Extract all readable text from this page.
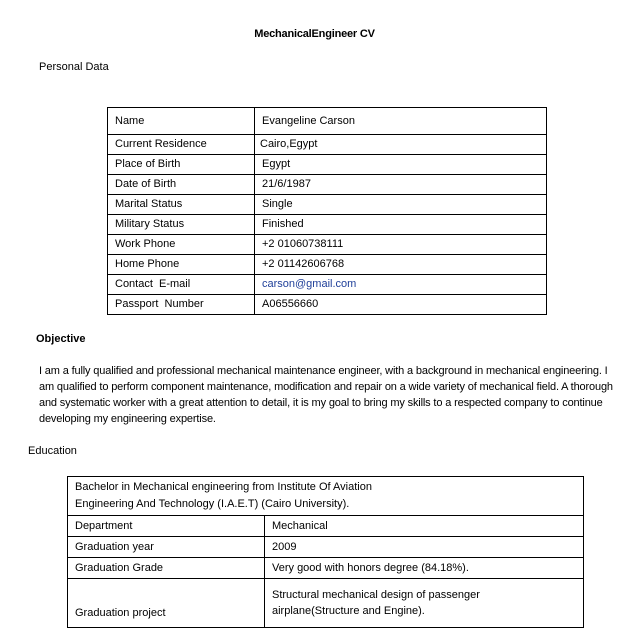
MechanicalEngineer CV
Personal Data
Name	Evangeline Carson
Current Residence	Cairo,Egypt
Place of Birth	Egypt
Date of Birth	21/6/1987
Marital Status	Single
Military Status	Finished
Work Phone	+2 01060738111
Home Phone	+2 01142606768
Contact  E-mail	carson@gmail.com
Passport  Number	A06556660
Objective
I am a fully qualified and professional mechanical maintenance engineer, with a background in mechanical engineering. I am qualified to perform component maintenance, modification and repair on a wide variety of mechanical field. A thorough and systematic worker with a great attention to detail, it is my goal to bring my skills to a respected company to continue developing my engineering expertise.
Education
Bachelor in Mechanical engineering from Institute Of Aviation Engineering And Technology (I.A.E.T) (Cairo University).	
Department	Mechanical
Graduation year	2009
Graduation Grade	Very good with honors degree (84.18%).
Graduation project	Structural mechanical design of passenger airplane(Structure and Engine).
